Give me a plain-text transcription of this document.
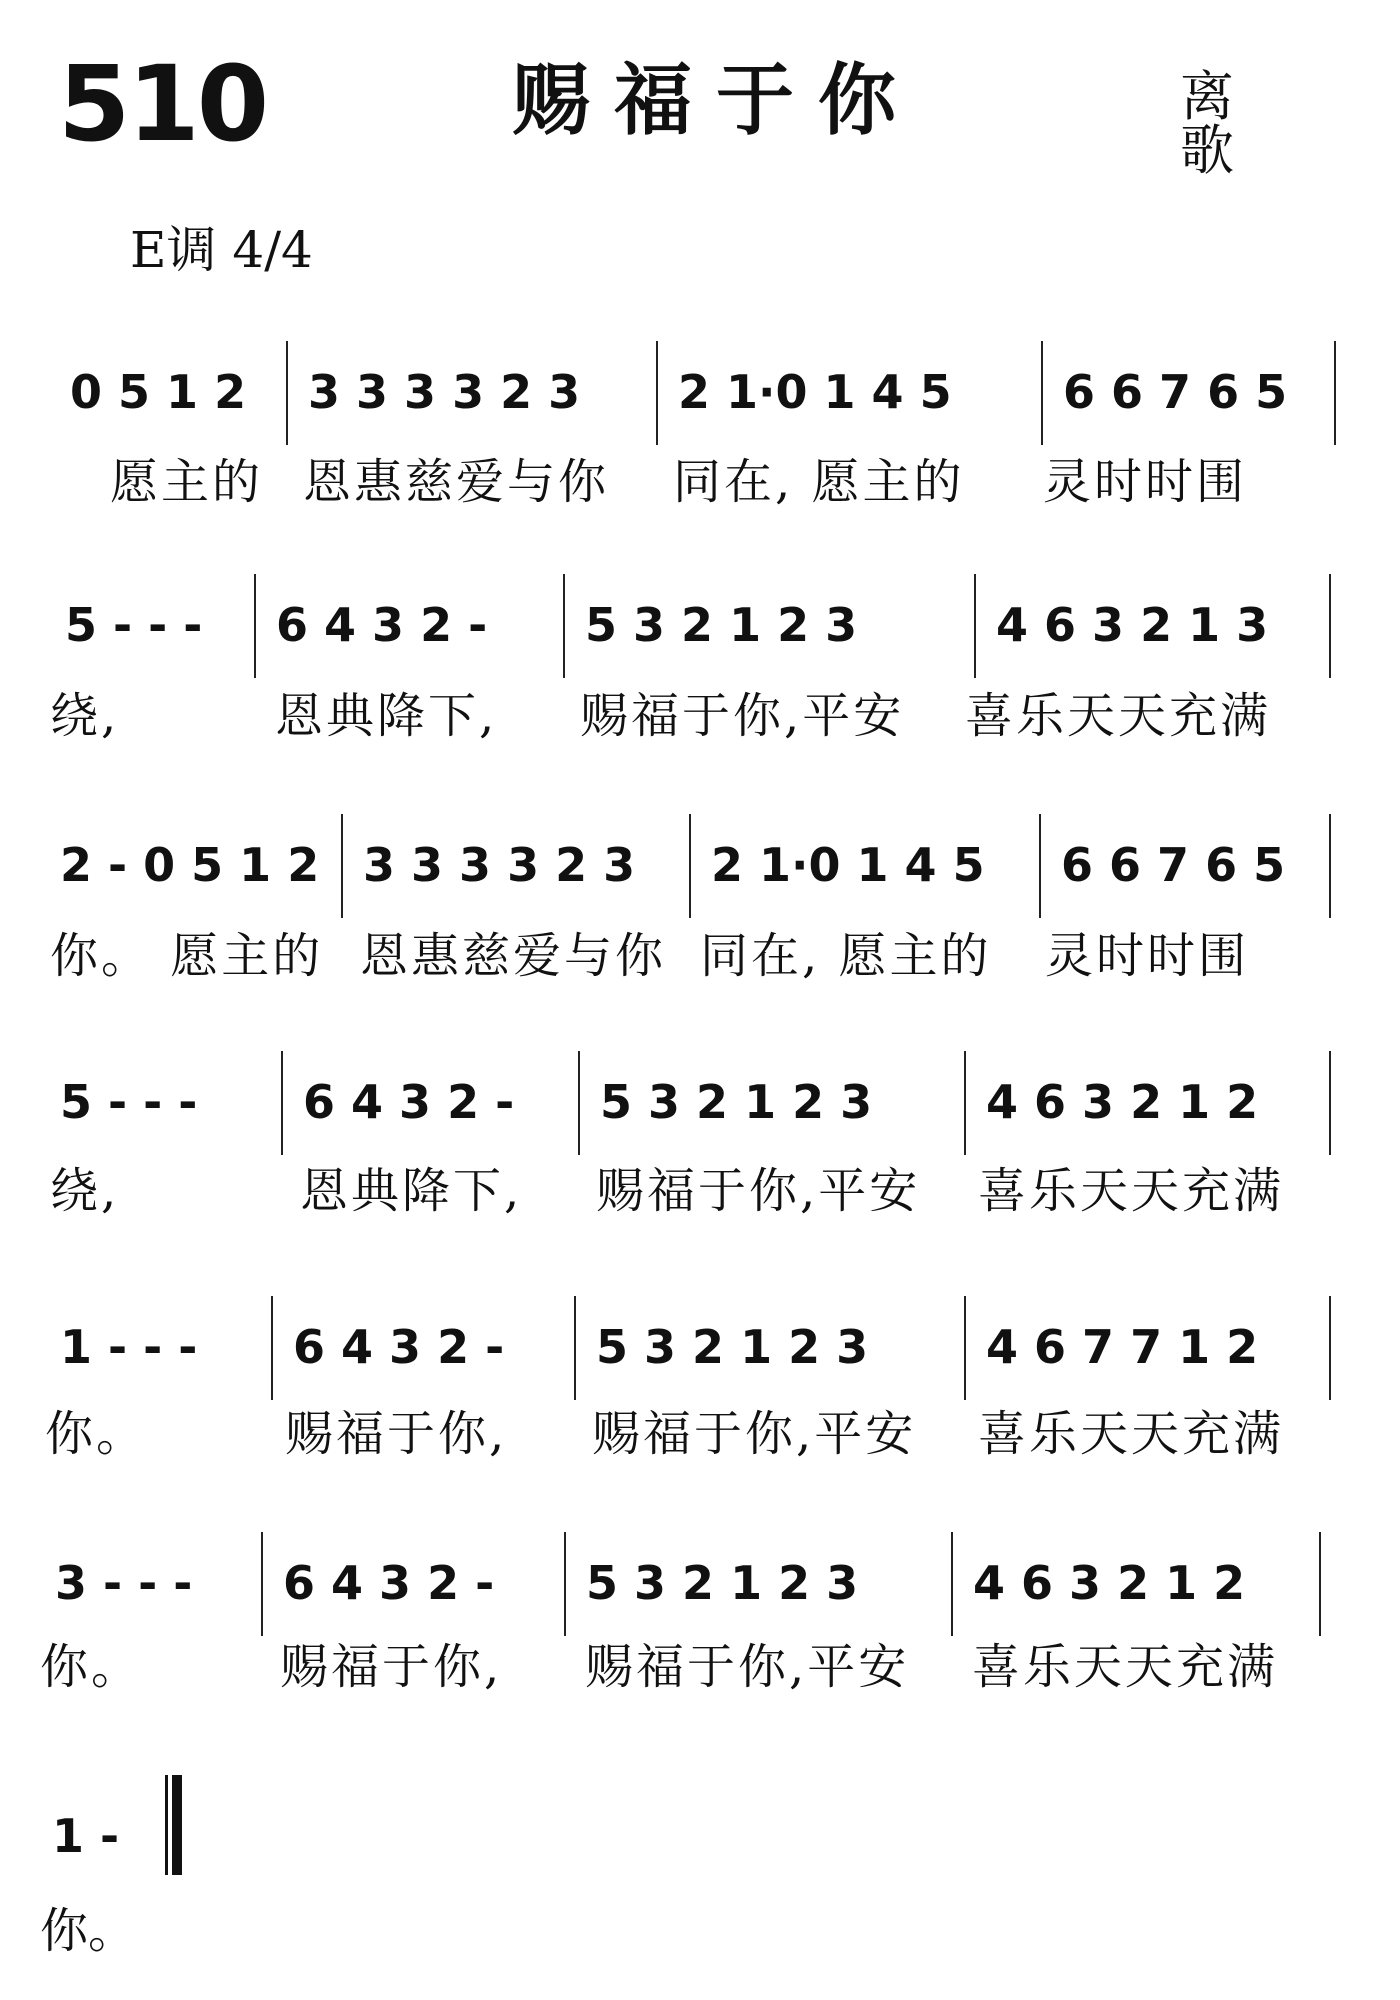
510	赐福于你	离歌
E调 4/4
0 5 1 2 3 3 3 3 2 3 2 1·0 1 4 5 6 6 7 6 5
愿主的 恩惠慈爱与你 同在, 愿主的 灵时时围
5 - - - 6 4 3 2 - 5 3 2 1 2 3	4 6 3 2 1 3
绕,	恩典降下, 赐福于你,平安 喜乐天天充满
2 - 0 5 1 2 3 3 3 3 2 3 2 1·0 1 4 5 6 6 7 6 5
你。 愿主的 恩惠慈爱与你 同在, 愿主的 灵时时围
5 - - - 6 4 3 2 - 5 3 2 1 2 3 4 6 3 2 1 2
绕,	恩典降下, 赐福于你,平安 喜乐天天充满
1 - - - 6 4 3 2 - 5 3 2 1 2 3	4 6 7 7 1 2
你。	赐福于你, 赐福于你,平安 喜乐天天充满
3 - - - 6 4 3 2 - 5 3 2 1 2 3 4 6 3 2 1 2
你。	赐福于你, 赐福于你,平安 喜乐天天充满
1 -
你。
